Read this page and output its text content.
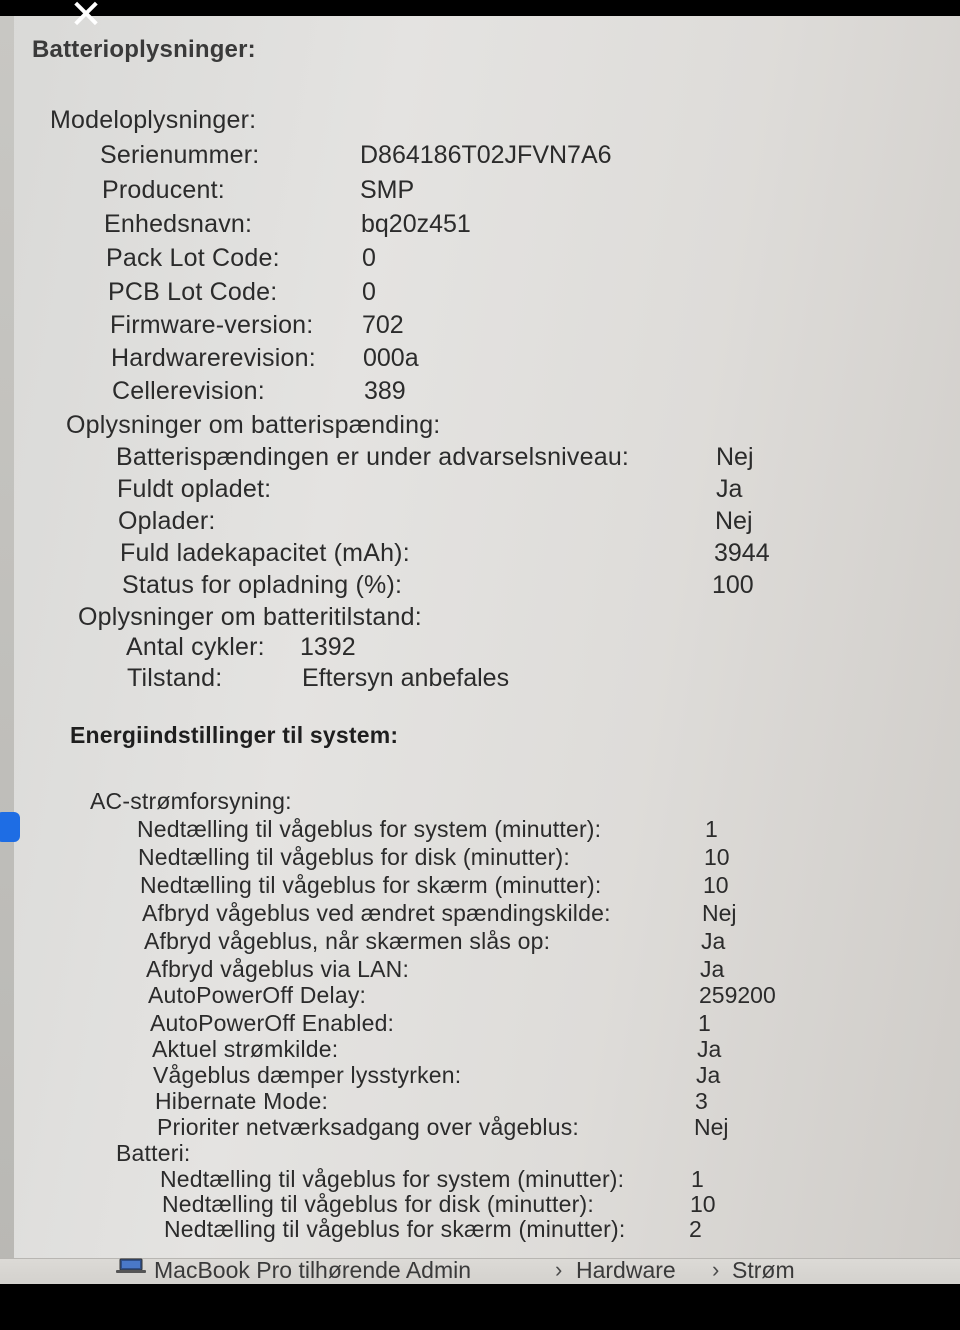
Batterioplysninger:
Modeloplysninger:
Serienummer:	D864186T02JFVN7A6
Producent:	SMP
Enhedsnavn:	bq20z451
Pack Lot Code:	0
PCB Lot Code:	0
Firmware-version: 702
Hardwarerevision: 000a
Cellerevision:	389
Oplysninger om batterispænding:
Batterispændingen er under advarselsniveau:	Nej
Fuldt opladet:	Ja
Oplader:	Nej
Fuld ladekapacitet (mAh):	3944
Status for opladning (%):	100
Oplysninger om batteritilstand:
Antal cykler: 1392
Tilstand:	Eftersyn anbefales
Energiindstillinger til system:
AC-strømforsyning:
Nedtælling til vågeblus for system (minutter):	1
Nedtælling til vågeblus for disk (minutter):	10
Nedtælling til vågeblus for skærm (minutter):	10
Afbryd vågeblus ved ændret spændingskilde:	Nej
Afbryd vågeblus, når skærmen slås op:	Ja
Afbryd vågeblus via LAN:	Ja
AutoPowerOff Delay:	259200
AutoPowerOff Enabled:	1
Aktuel strømkilde:	Ja
Vågeblus dæmper lysstyrken:	Ja
Hibernate Mode:	3
Prioriter netværksadgang over vågeblus:	Nej
Batteri:
Nedtælling til vågeblus for system (minutter):	1
Nedtælling til vågeblus for disk (minutter):	10
Nedtælling til vågeblus for skærm (minutter):	2
MacBook Pro tilhørende Admin	› Hardware › Strøm
✕
